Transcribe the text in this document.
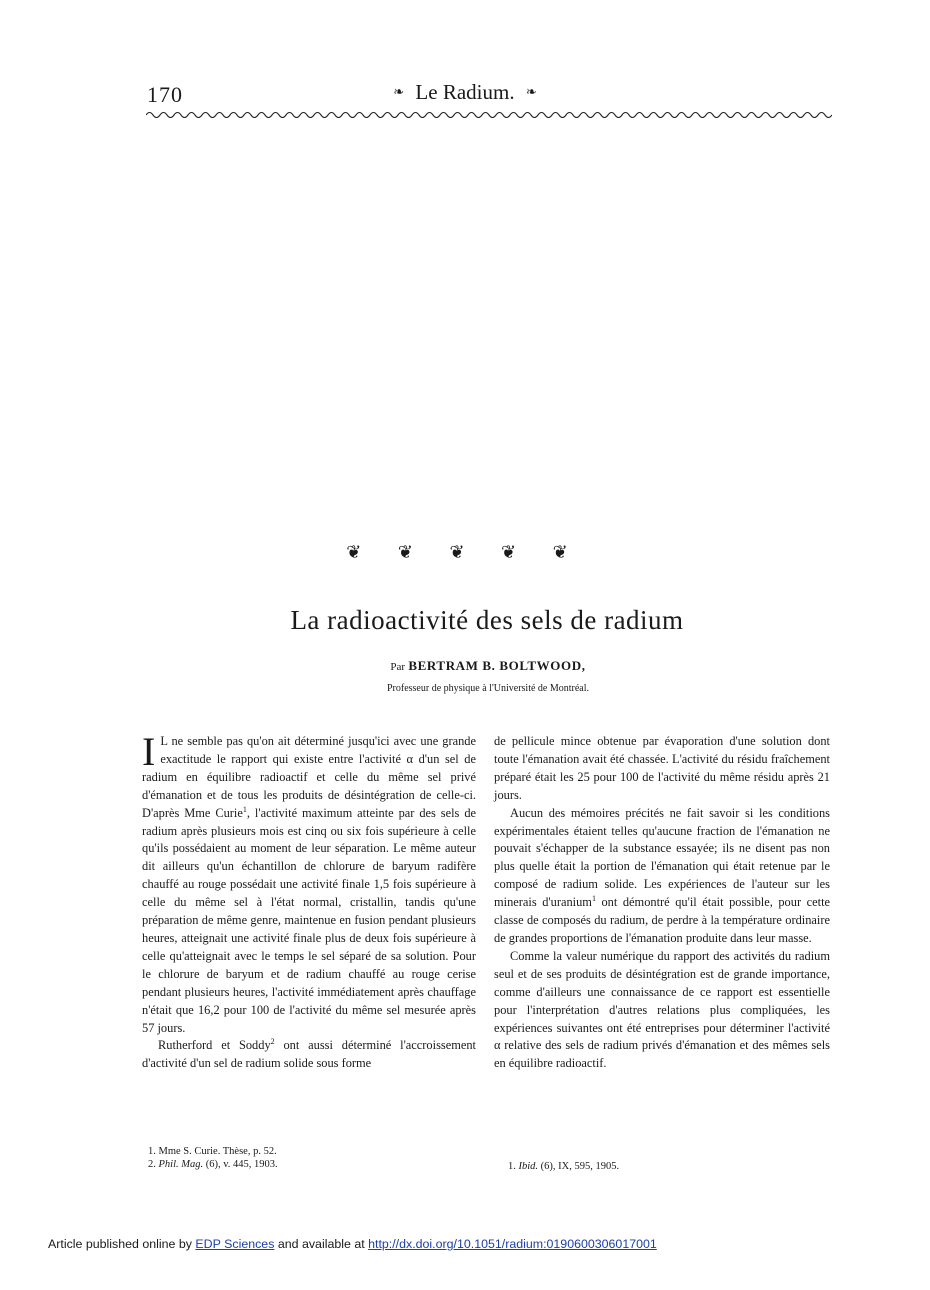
170	❧ Le Radium. ❧
❦ ❦ ❦ ❦ ❦
La radioactivité des sels de radium
Par BERTRAM B. BOLTWOOD,
Professeur de physique à l'Université de Montréal.

I L ne semble pas qu'on ait déterminé jusqu'ici avec une grande exactitude le rapport qui existe entre l'activité α d'un sel de radium en équilibre radioactif et celle du même sel privé d'émanation et de tous les produits de désintégration de celle-ci. D'après Mme Curie$^1$, l'activité maximum atteinte par des sels de radium après plusieurs mois est cinq ou six fois supérieure à celle qu'ils possédaient au moment de leur séparation. Le même auteur dit ailleurs qu'un échantillon de chlorure de baryum radifère chauffé au rouge possédait une activité finale 1,5 fois supérieure à celle du même sel à l'état normal, cristallin, tandis qu'une préparation de même genre, maintenue en fusion pendant plusieurs heures, atteignait une activité finale plus de deux fois supérieure à celle qu'atteignait avec le temps le sel séparé de sa solution. Pour le chlorure de baryum et de radium chauffé au rouge cerise pendant plusieurs heures, l'activité immédiatement après chauffage n'était que 16,2 pour 100 de l'activité du même sel mesurée après 57 jours.

Rutherford et Soddy$^2$ ont aussi déterminé l'accroissement d'activité d'un sel de radium solide sous forme

de pellicule mince obtenue par évaporation d'une solution dont toute l'émanation avait été chassée. L'activité du résidu fraîchement préparé était les 25 pour 100 de l'activité du même résidu après 21 jours.

Aucun des mémoires précités ne fait savoir si les conditions expérimentales étaient telles qu'aucune fraction de l'émanation ne pouvait s'échapper de la substance essayée; ils ne disent pas non plus quelle était la portion de l'émanation qui était retenue par le composé de radium solide. Les expériences de l'auteur sur les minerais d'uranium$^1$ ont démontré qu'il était possible, pour cette classe de composés du radium, de perdre à la température ordinaire de grandes proportions de l'émanation produite dans leur masse.

Comme la valeur numérique du rapport des activités du radium seul et de ses produits de désintégration est de grande importance, comme d'ailleurs une connaissance de ce rapport est essentielle pour l'interprétation d'autres relations plus compliquées, les expériences suivantes ont été entreprises pour déterminer l'activité α relative des sels de radium privés d'émanation et des mêmes sels en équilibre radioactif.

1. Mme S. Curie. Thèse, p. 52.
2. Phil. Mag. (6), v. 445, 1903.	1. Ibid. (6), IX, 595, 1905.
Article published online by EDP Sciences and available at http://dx.doi.org/10.1051/radium:0190600306017001
